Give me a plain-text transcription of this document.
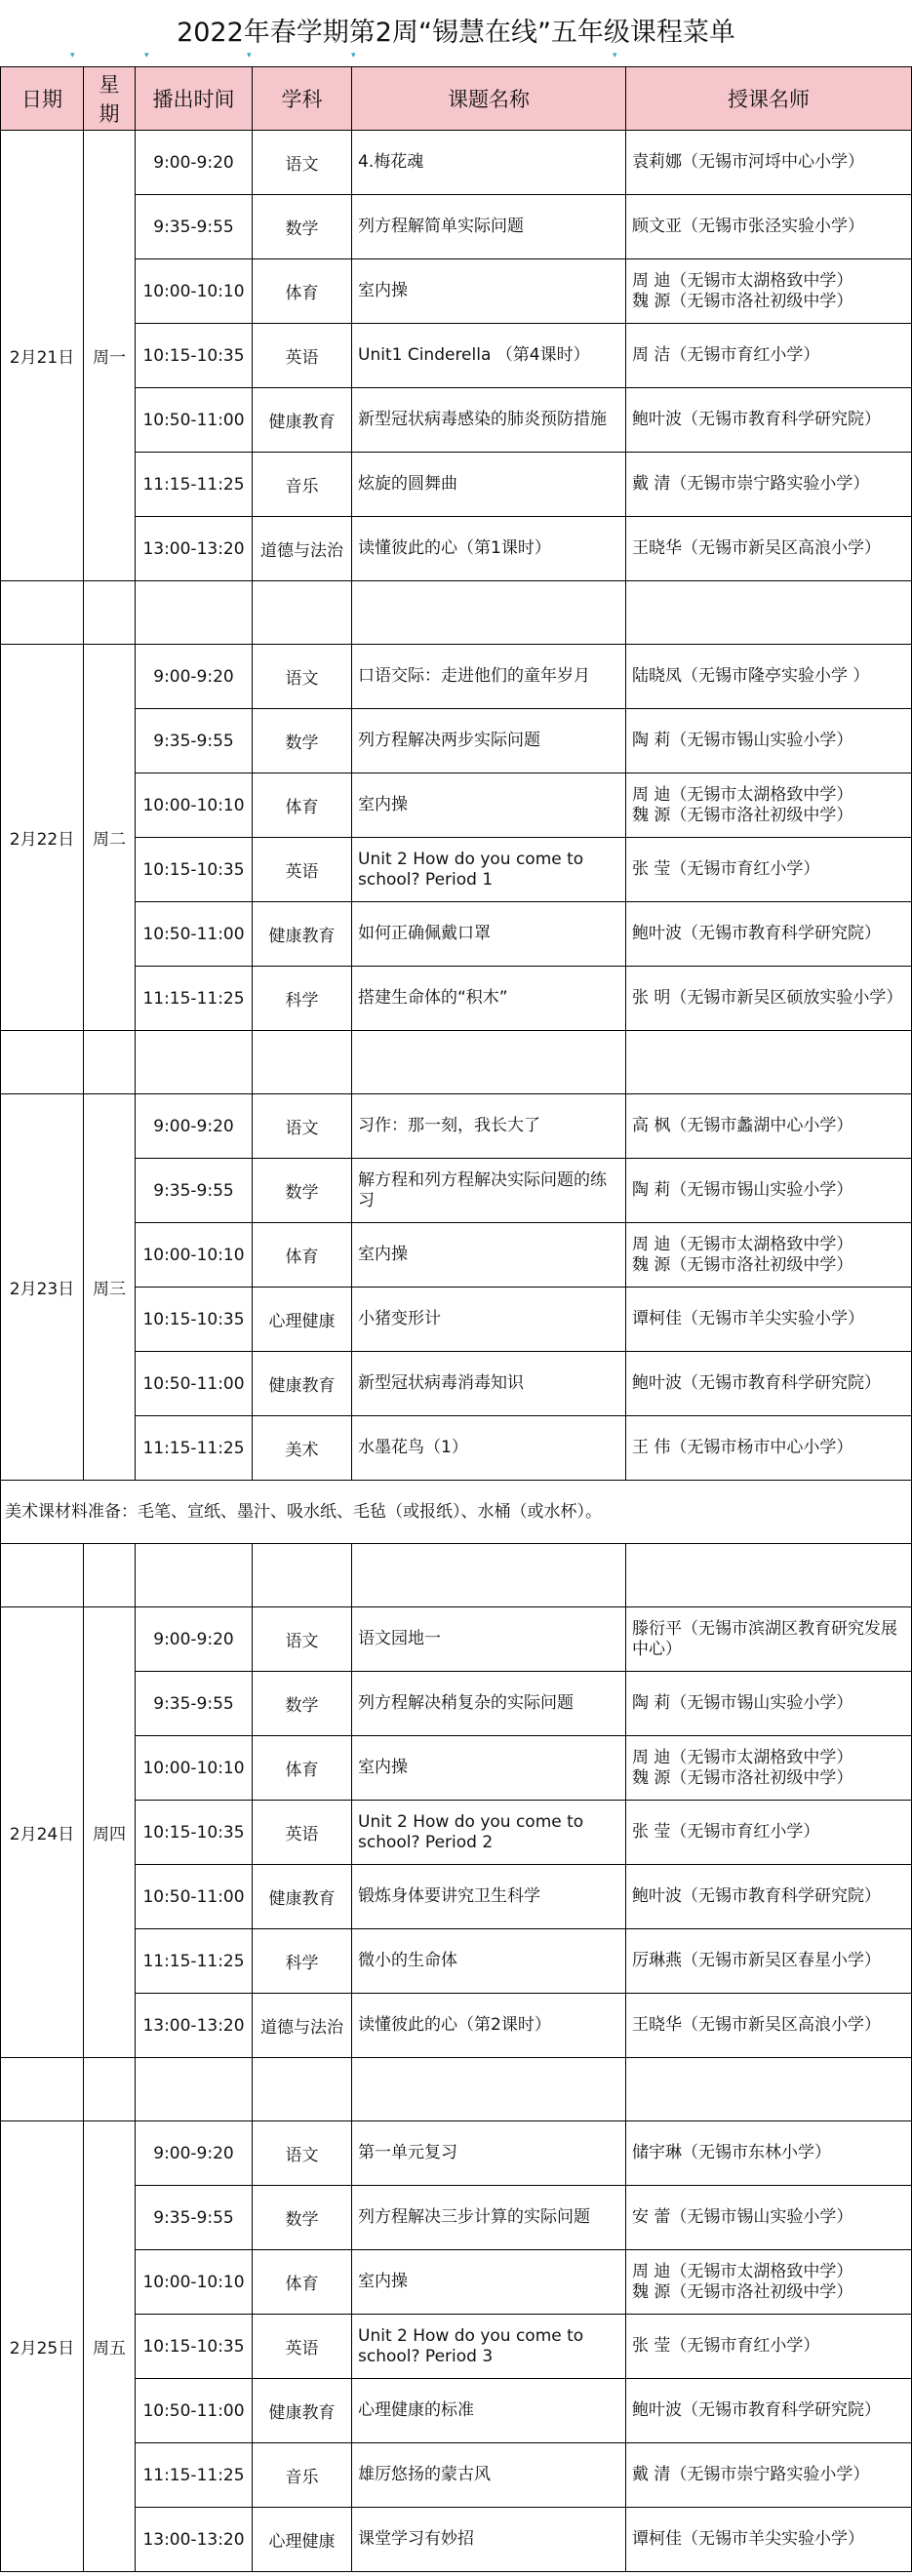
2022年春学期第2周“锡慧在线”五年级课程菜单
▾	▾	▾	▾	▾
日期	星期	播出时间	学科	课题名称	授课名师
2月21日	周一	9:00-9:20	语文	4.梅花魂	袁莉娜（无锡市河埒中心小学）
		9:35-9:55	数学	列方程解简单实际问题	顾文亚（无锡市张泾实验小学）
		10:00-10:10	体育	室内操	周 迪（无锡市太湖格致中学）
魏 源（无锡市洛社初级中学）
		10:15-10:35	英语	Unit1 Cinderella （第4课时）	周 洁（无锡市育红小学）
		10:50-11:00	健康教育	新型冠状病毒感染的肺炎预防措施	鲍叶波（无锡市教育科学研究院）
		11:15-11:25	音乐	炫旋的圆舞曲	戴 清（无锡市崇宁路实验小学）
		13:00-13:20	道德与法治	读懂彼此的心（第1课时）	王晓华（无锡市新吴区高浪小学）

2月22日	周二	9:00-9:20	语文	口语交际：走进他们的童年岁月	陆晓凤（无锡市隆亭实验小学 ）
		9:35-9:55	数学	列方程解决两步实际问题	陶 莉（无锡市锡山实验小学）
		10:00-10:10	体育	室内操	周 迪（无锡市太湖格致中学）
魏 源（无锡市洛社初级中学）
		10:15-10:35	英语	Unit 2 How do you come to school? Period 1	张 莹（无锡市育红小学）
		10:50-11:00	健康教育	如何正确佩戴口罩	鲍叶波（无锡市教育科学研究院）
		11:15-11:25	科学	搭建生命体的“积木”	张 明（无锡市新吴区硕放实验小学）

2月23日	周三	9:00-9:20	语文	习作：那一刻，我长大了	高 枫（无锡市蠡湖中心小学）
		9:35-9:55	数学	解方程和列方程解决实际问题的练习	陶 莉（无锡市锡山实验小学）
		10:00-10:10	体育	室内操	周 迪（无锡市太湖格致中学）
魏 源（无锡市洛社初级中学）
		10:15-10:35	心理健康	小猪变形计	谭柯佳（无锡市羊尖实验小学）
		10:50-11:00	健康教育	新型冠状病毒消毒知识	鲍叶波（无锡市教育科学研究院）
		11:15-11:25	美术	水墨花鸟（1）	王 伟（无锡市杨市中心小学）
美术课材料准备：毛笔、宣纸、墨汁、吸水纸、毛毡（或报纸）、水桶（或水杯）。					

2月24日	周四	9:00-9:20	语文	语文园地一	滕衍平（无锡市滨湖区教育研究发展中心）
		9:35-9:55	数学	列方程解决稍复杂的实际问题	陶 莉（无锡市锡山实验小学）
		10:00-10:10	体育	室内操	周 迪（无锡市太湖格致中学）
魏 源（无锡市洛社初级中学）
		10:15-10:35	英语	Unit 2 How do you come to school? Period 2	张 莹（无锡市育红小学）
		10:50-11:00	健康教育	锻炼身体要讲究卫生科学	鲍叶波（无锡市教育科学研究院）
		11:15-11:25	科学	微小的生命体	厉琳燕（无锡市新吴区春星小学）
		13:00-13:20	道德与法治	读懂彼此的心（第2课时）	王晓华（无锡市新吴区高浪小学）

2月25日	周五	9:00-9:20	语文	第一单元复习	储宇琳（无锡市东林小学）
		9:35-9:55	数学	列方程解决三步计算的实际问题	安 蕾（无锡市锡山实验小学）
		10:00-10:10	体育	室内操	周 迪（无锡市太湖格致中学）
魏 源（无锡市洛社初级中学）
		10:15-10:35	英语	Unit 2 How do you come to school? Period 3	张 莹（无锡市育红小学）
		10:50-11:00	健康教育	心理健康的标准	鲍叶波（无锡市教育科学研究院）
		11:15-11:25	音乐	雄厉悠扬的蒙古风	戴 清（无锡市崇宁路实验小学）
		13:00-13:20	心理健康	课堂学习有妙招	谭柯佳（无锡市羊尖实验小学）
